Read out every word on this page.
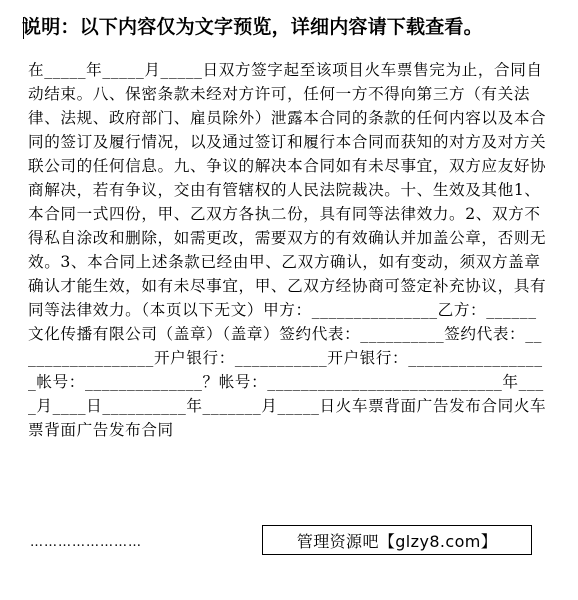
说明：以下内容仅为文字预览，详细内容请下载查看。
在_____年_____月_____日双方签字起至该项目火车票售完为止，合同自动结束。八、保密条款未经对方许可，任何一方不得向第三方（有关法律、法规、政府部门、雇员除外）泄露本合同的条款的任何内容以及本合同的签订及履行情况，以及通过签订和履行本合同而获知的对方及对方关联公司的任何信息。九、争议的解决本合同如有未尽事宜，双方应友好协商解决，若有争议，交由有管辖权的人民法院裁决。十、生效及其他1、本合同一式四份，甲、乙双方各执二份，具有同等法律效力。2、双方不得私自涂改和删除，如需更改，需要双方的有效确认并加盖公章，否则无效。3、本合同上述条款已经由甲、乙双方确认，如有变动，须双方盖章确认才能生效，如有未尽事宜，甲、乙双方经协商可签定补充协议，具有同等法律效力。（本页以下无文）甲方：_______________乙方：______文化传播有限公司（盖章）（盖章）签约代表：__________签约代表：_________________开户银行：___________开户银行：_________________帐号：______________？帐号：____________________________年____月____日__________年_______月_____日火车票背面广告发布合同火车票背面广告发布合同
……………………	管理资源吧【glzy8.com】
